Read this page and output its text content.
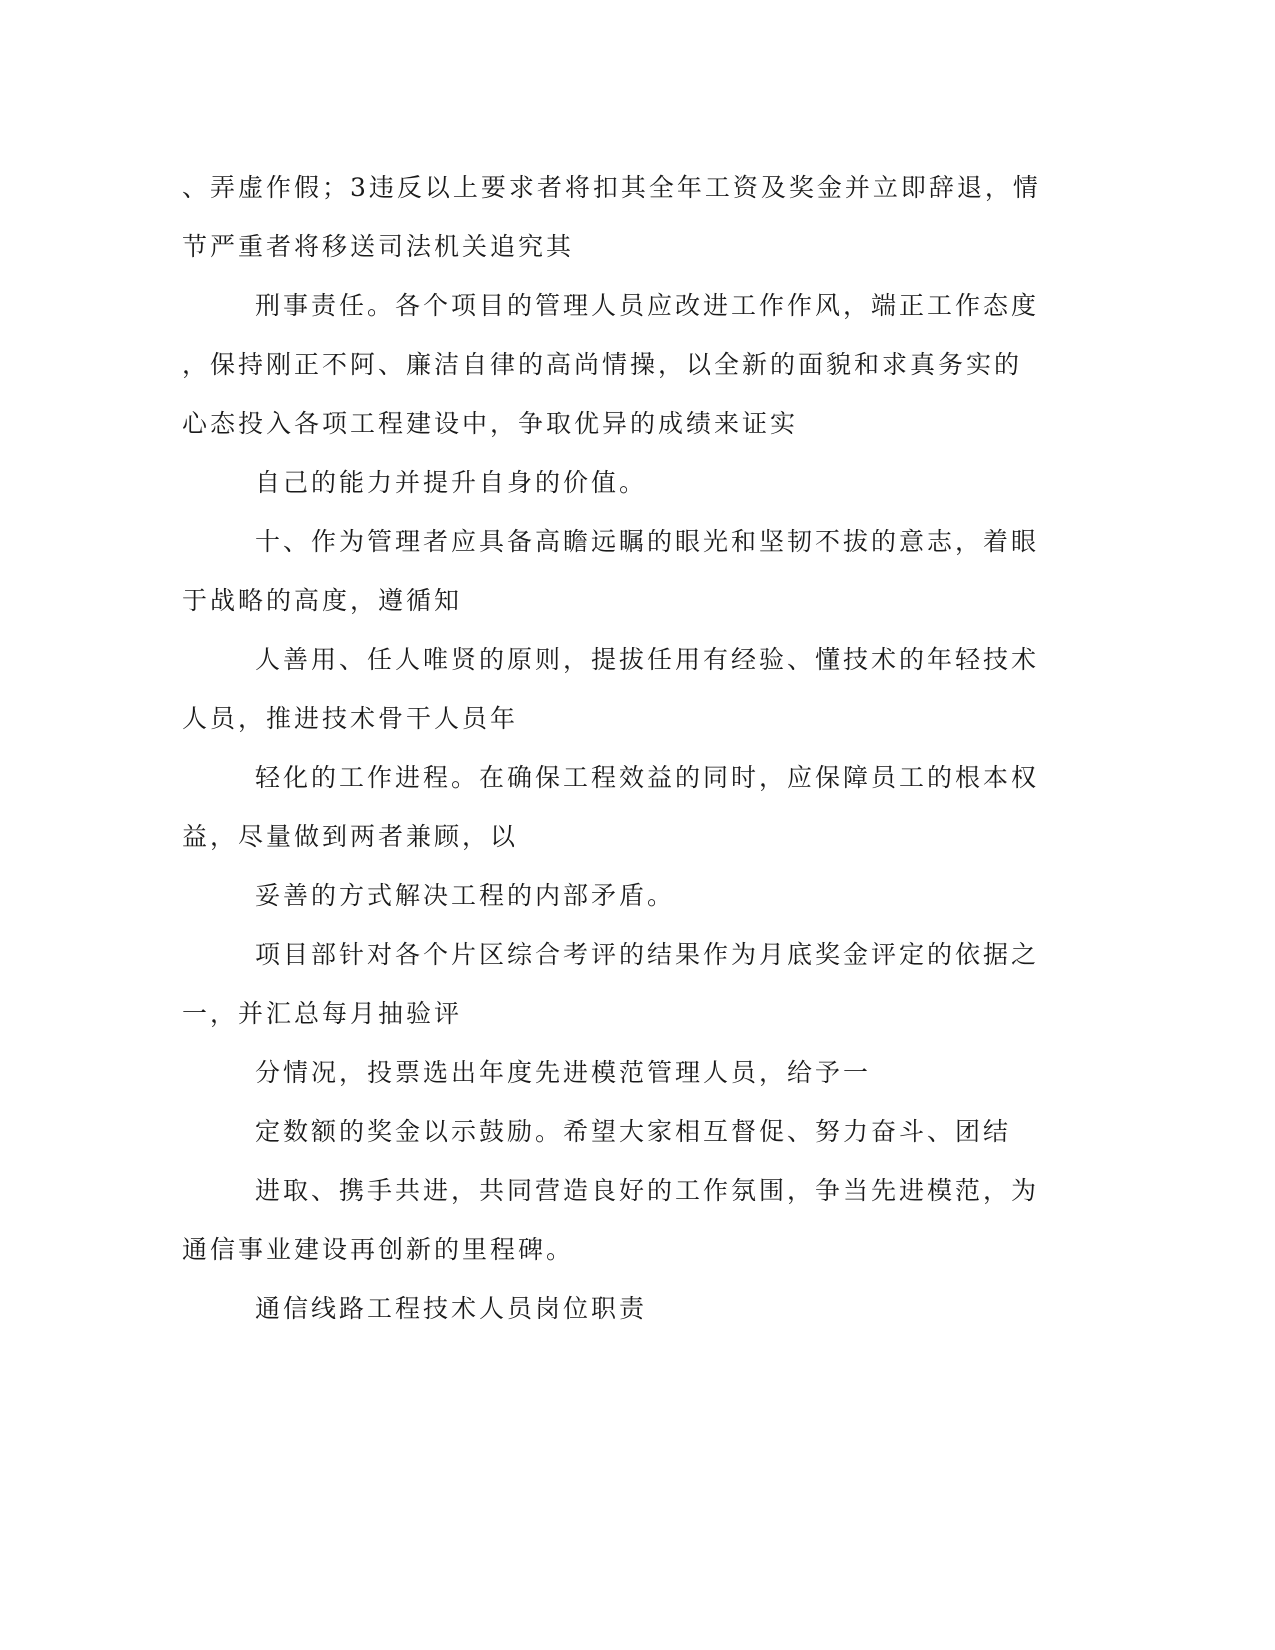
、弄虚作假；3违反以上要求者将扣其全年工资及奖金并立即辞退，情
节严重者将移送司法机关追究其

刑事责任。各个项目的管理人员应改进工作作风，端正工作态度
，保持刚正不阿、廉洁自律的高尚情操，以全新的面貌和求真务实的
心态投入各项工程建设中，争取优异的成绩来证实

自己的能力并提升自身的价值。

十、作为管理者应具备高瞻远瞩的眼光和坚韧不拔的意志，着眼
于战略的高度，遵循知

人善用、任人唯贤的原则，提拔任用有经验、懂技术的年轻技术
人员，推进技术骨干人员年

轻化的工作进程。在确保工程效益的同时，应保障员工的根本权
益，尽量做到两者兼顾，以

妥善的方式解决工程的内部矛盾。

项目部针对各个片区综合考评的结果作为月底奖金评定的依据之
一，并汇总每月抽验评

分情况，投票选出年度先进模范管理人员，给予一

定数额的奖金以示鼓励。希望大家相互督促、努力奋斗、团结

进取、携手共进，共同营造良好的工作氛围，争当先进模范，为
通信事业建设再创新的里程碑。

通信线路工程技术人员岗位职责
